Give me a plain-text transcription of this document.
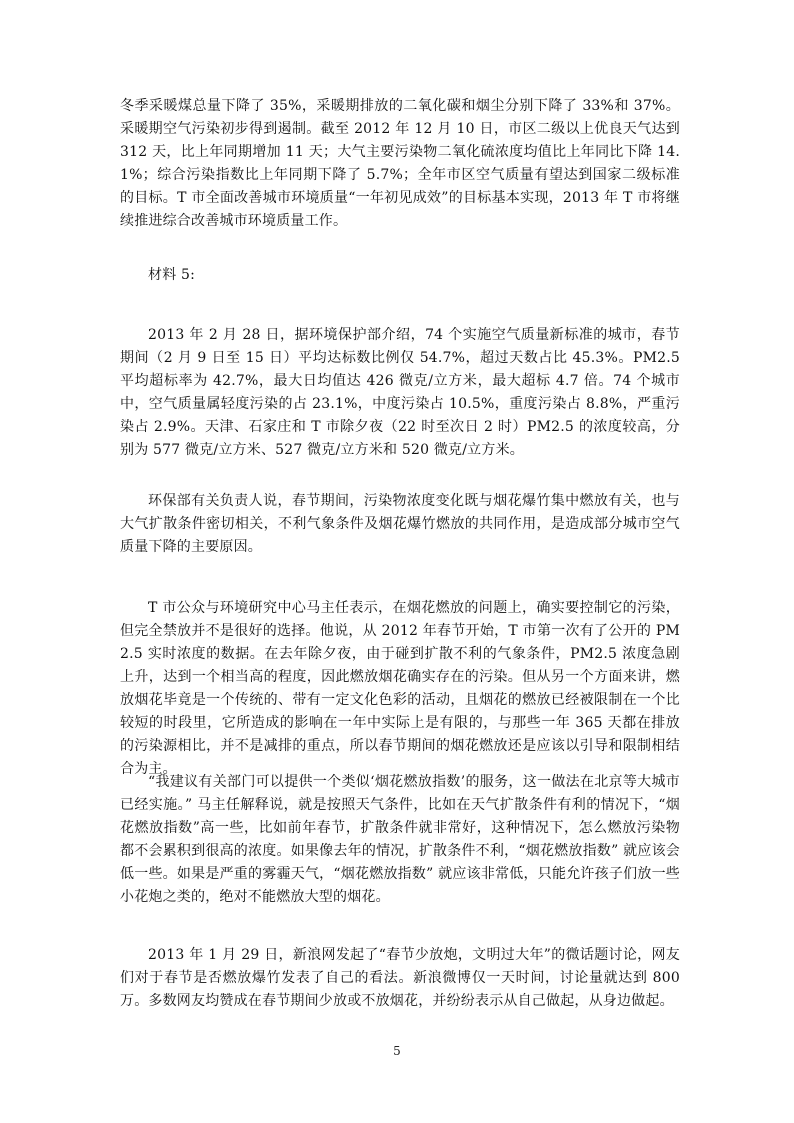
冬季采暖煤总量下降了 35%，采暖期排放的二氧化碳和烟尘分别下降了 33%和 37%。采暖期空气污染初步得到遏制。截至 2012 年 12 月 10 日，市区二级以上优良天气达到 312 天，比上年同期增加 11 天；大气主要污染物二氧化硫浓度均值比上年同比下降 14.1%；综合污染指数比上年同期下降了 5.7%；全年市区空气质量有望达到国家二级标准的目标。T 市全面改善城市环境质量“一年初见成效”的目标基本实现，2013 年 T 市将继续推进综合改善城市环境质量工作。

材料 5:

2013 年 2 月 28 日，据环境保护部介绍，74 个实施空气质量新标准的城市，春节期间（2 月 9 日至 15 日）平均达标数比例仅 54.7%，超过天数占比 45.3%。PM2.5 平均超标率为 42.7%，最大日均值达 426 微克/立方米，最大超标 4.7 倍。74 个城市中，空气质量属轻度污染的占 23.1%，中度污染占 10.5%，重度污染占 8.8%，严重污染占 2.9%。天津、石家庄和 T 市除夕夜（22 时至次日 2 时）PM2.5 的浓度较高，分别为 577 微克/立方米、527 微克/立方米和 520 微克/立方米。

环保部有关负责人说，春节期间，污染物浓度变化既与烟花爆竹集中燃放有关，也与大气扩散条件密切相关，不利气象条件及烟花爆竹燃放的共同作用，是造成部分城市空气质量下降的主要原因。

T 市公众与环境研究中心马主任表示，在烟花燃放的问题上，确实要控制它的污染，但完全禁放并不是很好的选择。他说，从 2012 年春节开始，T 市第一次有了公开的 PM2.5 实时浓度的数据。在去年除夕夜，由于碰到扩散不利的气象条件，PM2.5 浓度急剧上升，达到一个相当高的程度，因此燃放烟花确实存在的污染。但从另一个方面来讲，燃放烟花毕竟是一个传统的、带有一定文化色彩的活动，且烟花的燃放已经被限制在一个比较短的时段里，它所造成的影响在一年中实际上是有限的，与那些一年 365 天都在排放的污染源相比，并不是减排的重点，所以春节期间的烟花燃放还是应该以引导和限制相结合为主。

“我建议有关部门可以提供一个类似‘烟花燃放指数’的服务，这一做法在北京等大城市已经实施。” 马主任解释说，就是按照天气条件，比如在天气扩散条件有利的情况下，“烟花燃放指数”高一些，比如前年春节，扩散条件就非常好，这种情况下，怎么燃放污染物都不会累积到很高的浓度。如果像去年的情况，扩散条件不利，“烟花燃放指数” 就应该会低一些。如果是严重的雾霾天气，“烟花燃放指数” 就应该非常低，只能允许孩子们放一些小花炮之类的，绝对不能燃放大型的烟花。

2013 年 1 月 29 日，新浪网发起了“春节少放炮，文明过大年”的微话题讨论，网友们对于春节是否燃放爆竹发表了自己的看法。新浪微博仅一天时间，讨论量就达到 800 万。多数网友均赞成在春节期间少放或不放烟花，并纷纷表示从自己做起，从身边做起。

5
